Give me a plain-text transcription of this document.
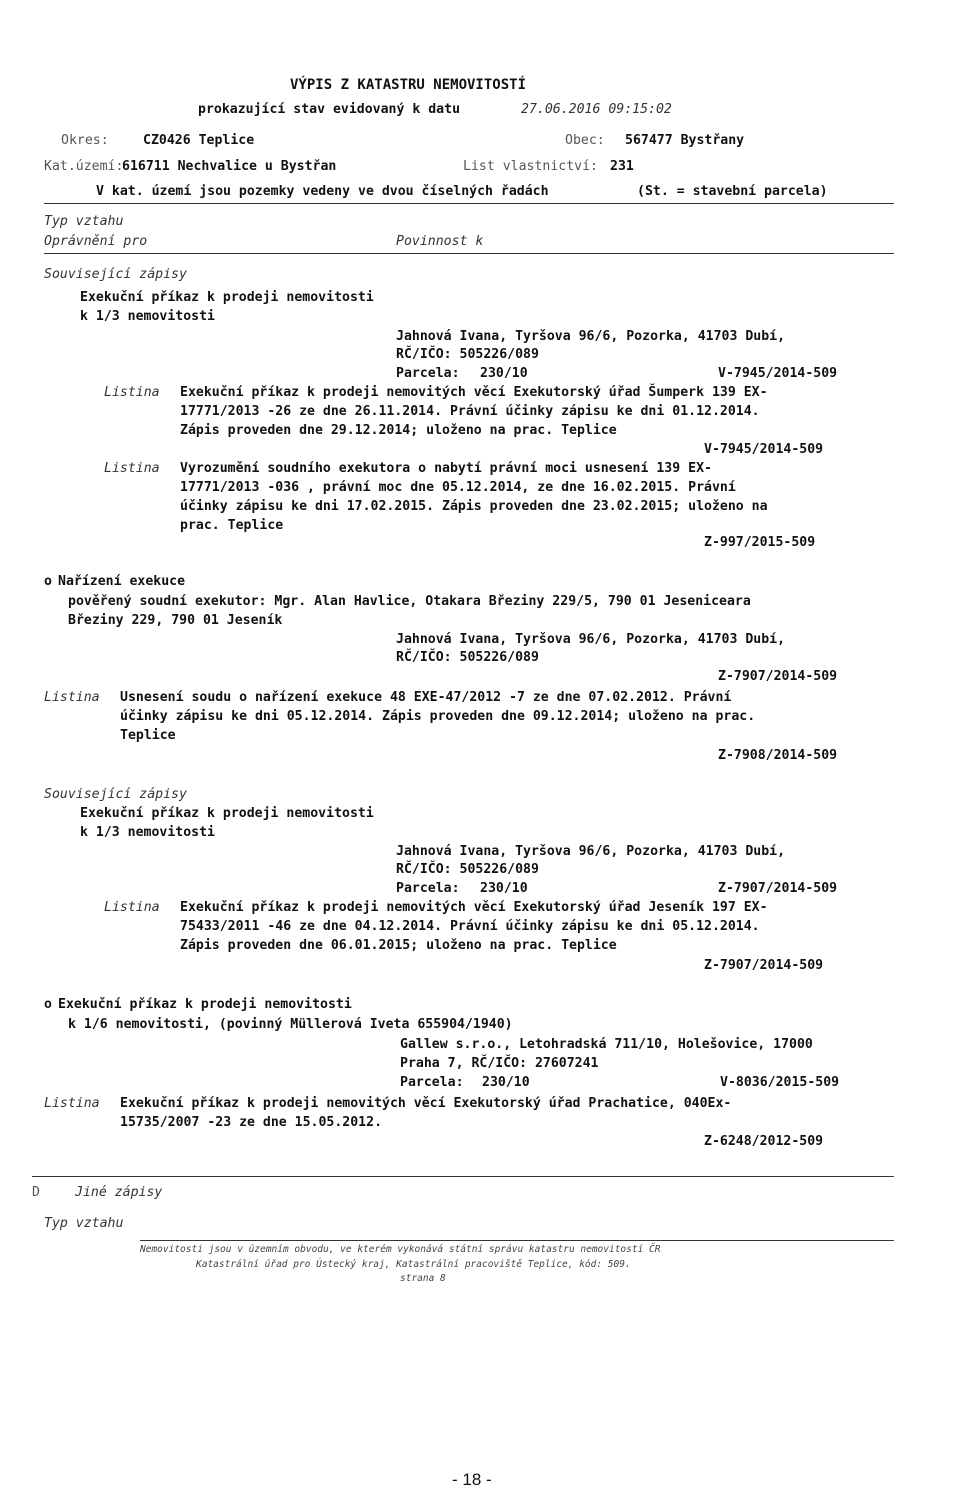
VÝPIS Z KATASTRU NEMOVITOSTÍ
prokazující stav evidovaný k datu	27.06.2016 09:15:02
Okres:	CZ0426 Teplice	Obec: 567477 Bystřany
Kat.území:
616711 Nechvalice u Bystřan	List vlastnictví: 231
V kat. území jsou pozemky vedeny ve dvou číselných řadách	(St. = stavební parcela)
Typ vztahu
Oprávnění pro	Povinnost k
Související zápisy
Exekuční příkaz k prodeji nemovitosti
k 1/3 nemovitosti
Jahnová Ivana, Tyršova 96/6, Pozorka, 41703 Dubí,
RČ/IČO: 505226/089
Parcela: 230/10	V-7945/2014-509
Listina Exekuční příkaz k prodeji nemovitých věcí Exekutorský úřad Šumperk 139 EX-
17771/2013 -26 ze dne 26.11.2014. Právní účinky zápisu ke dni 01.12.2014.
Zápis proveden dne 29.12.2014; uloženo na prac. Teplice
V-7945/2014-509
Listina Vyrozumění soudního exekutora o nabytí právní moci usnesení 139 EX-
17771/2013 -036 , právní moc dne 05.12.2014, ze dne 16.02.2015. Právní
účinky zápisu ke dni 17.02.2015. Zápis proveden dne 23.02.2015; uloženo na
prac. Teplice
Z-997/2015-509
o Nařízení exekuce
pověřený soudní exekutor: Mgr. Alan Havlice, Otakara Březiny 229/5, 790 01 Jeseniceara
Březiny 229, 790 01 Jeseník
Jahnová Ivana, Tyršova 96/6, Pozorka, 41703 Dubí,
RČ/IČO: 505226/089
Z-7907/2014-509
Listina Usnesení soudu o nařízení exekuce 48 EXE-47/2012 -7 ze dne 07.02.2012. Právní
účinky zápisu ke dni 05.12.2014. Zápis proveden dne 09.12.2014; uloženo na prac.
Teplice
Z-7908/2014-509
Související zápisy
Exekuční příkaz k prodeji nemovitosti
k 1/3 nemovitosti
Jahnová Ivana, Tyršova 96/6, Pozorka, 41703 Dubí,
RČ/IČO: 505226/089
Parcela: 230/10	Z-7907/2014-509
Listina Exekuční příkaz k prodeji nemovitých věcí Exekutorský úřad Jeseník 197 EX-
75433/2011 -46 ze dne 04.12.2014. Právní účinky zápisu ke dni 05.12.2014.
Zápis proveden dne 06.01.2015; uloženo na prac. Teplice
Z-7907/2014-509
o Exekuční příkaz k prodeji nemovitosti
k 1/6 nemovitosti, (povinný Müllerová Iveta 655904/1940)
Gallew s.r.o., Letohradská 711/10, Holešovice, 17000
Praha 7, RČ/IČO: 27607241
Parcela: 230/10	V-8036/2015-509
Listina Exekuční příkaz k prodeji nemovitých věcí Exekutorský úřad Prachatice, 040Ex-
15735/2007 -23 ze dne 15.05.2012.
Z-6248/2012-509
D	Jiné zápisy
Typ vztahu
Nemovitosti jsou v územním obvodu, ve kterém vykonává státní správu katastru nemovitostí ČR
Katastrální úřad pro Ústecký kraj, Katastrální pracoviště Teplice, kód: 509.
strana 8
- 18 -
